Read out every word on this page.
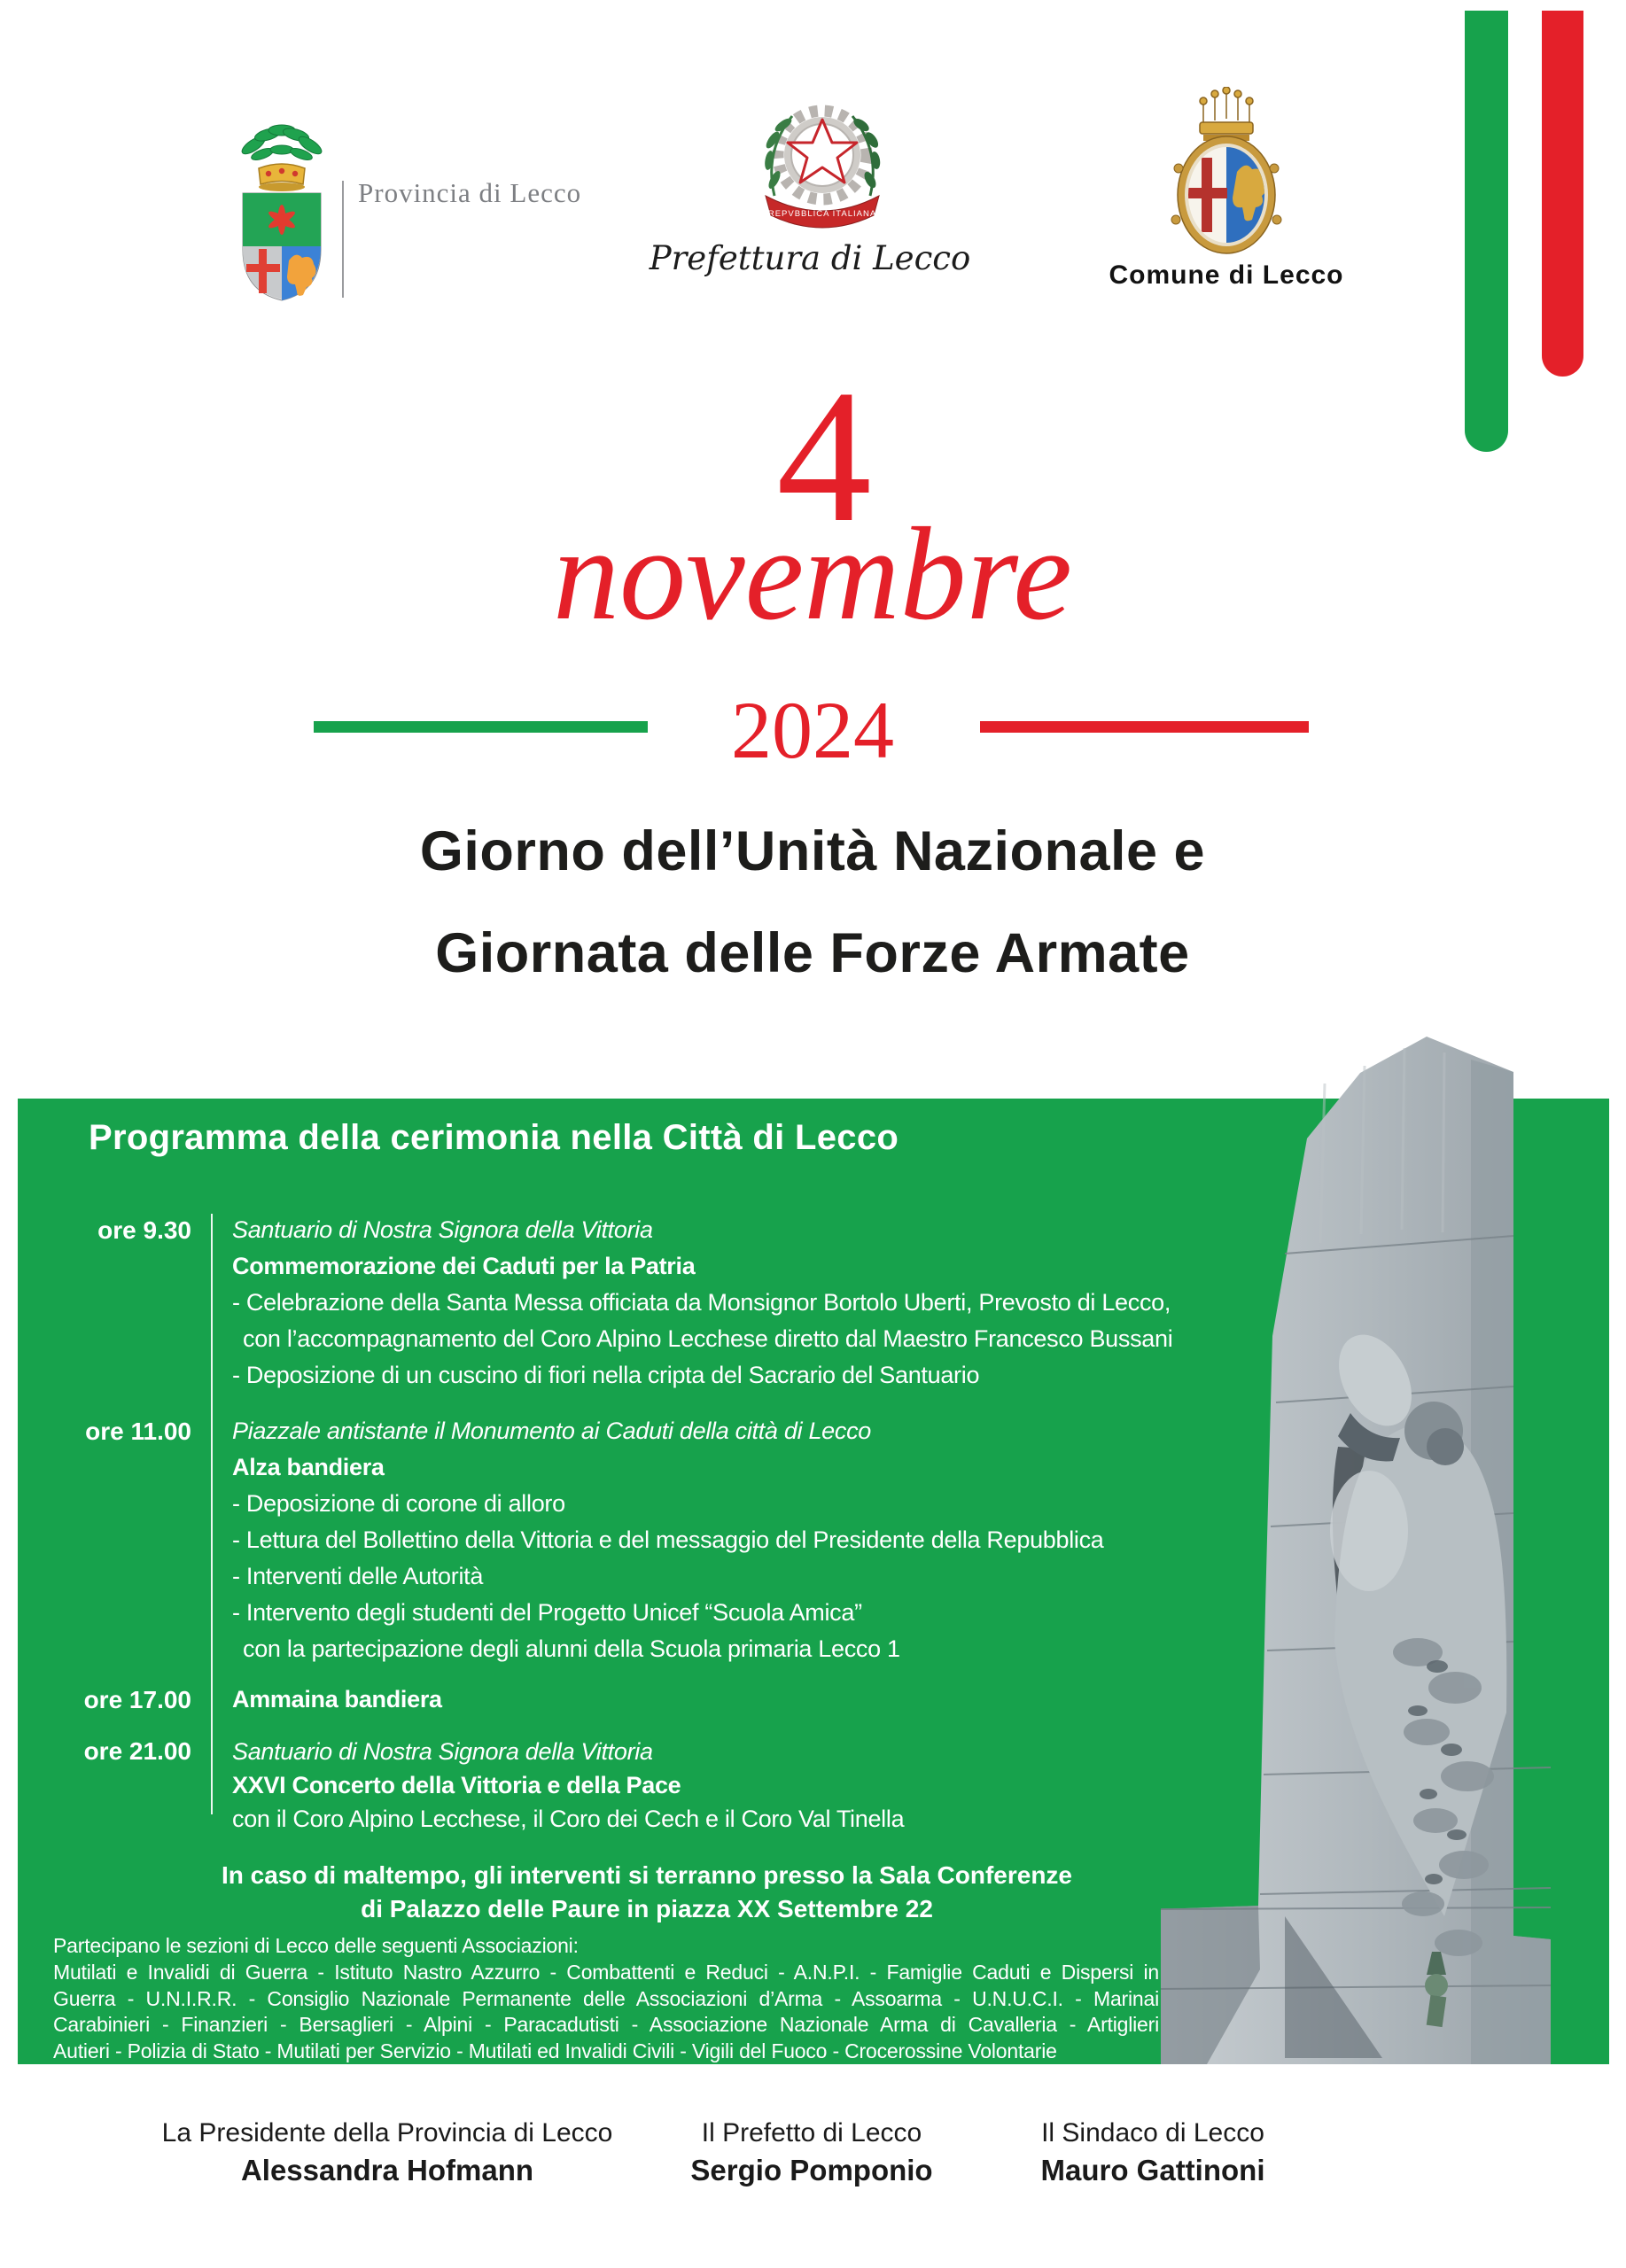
Provincia di Lecco
REPVBBLICA ITALIANA
Prefettura di Lecco	Comune di Lecco
4
novembre
2024
Giorno dell’Unità Nazionale e
Giornata delle Forze Armate
Programma della cerimonia nella Città di Lecco
ore 9.30	Santuario di Nostra Signora della Vittoria
Commemorazione dei Caduti per la Patria
- Celebrazione della Santa Messa officiata da Monsignor Bortolo Uberti, Prevosto di Lecco,
con l’accompagnamento del Coro Alpino Lecchese diretto dal Maestro Francesco Bussani
- Deposizione di un cuscino di fiori nella cripta del Sacrario del Santuario
ore 11.00	Piazzale antistante il Monumento ai Caduti della città di Lecco
Alza bandiera
- Deposizione di corone di alloro
- Lettura del Bollettino della Vittoria e del messaggio del Presidente della Repubblica
- Interventi delle Autorità
- Intervento degli studenti del Progetto Unicef “Scuola Amica”
con la partecipazione degli alunni della Scuola primaria Lecco 1
ore 17.00	Ammaina bandiera
ore 21.00	Santuario di Nostra Signora della Vittoria
XXVI Concerto della Vittoria e della Pace
con il Coro Alpino Lecchese, il Coro dei Cech e il Coro Val Tinella
In caso di maltempo, gli interventi si terranno presso la Sala Conferenze
di Palazzo delle Paure in piazza XX Settembre 22
Partecipano le sezioni di Lecco delle seguenti Associazioni:
Mutilati e Invalidi di Guerra - Istituto Nastro Azzurro - Combattenti e Reduci - A.N.P.I. - Famiglie Caduti e Dispersi in
Guerra - U.N.I.R.R. - Consiglio Nazionale Permanente delle Associazioni d’Arma - Assoarma - U.N.U.C.I. - Marinai
Carabinieri - Finanzieri - Bersaglieri - Alpini - Paracadutisti - Associazione Nazionale Arma di Cavalleria - Artiglieri
Autieri - Polizia di Stato - Mutilati per Servizio - Mutilati ed Invalidi Civili - Vigili del Fuoco - Crocerossine Volontarie
La Presidente della Provincia di Lecco
Alessandra Hofmann
Il Prefetto di Lecco
Sergio Pomponio
Il Sindaco di Lecco
Mauro Gattinoni
